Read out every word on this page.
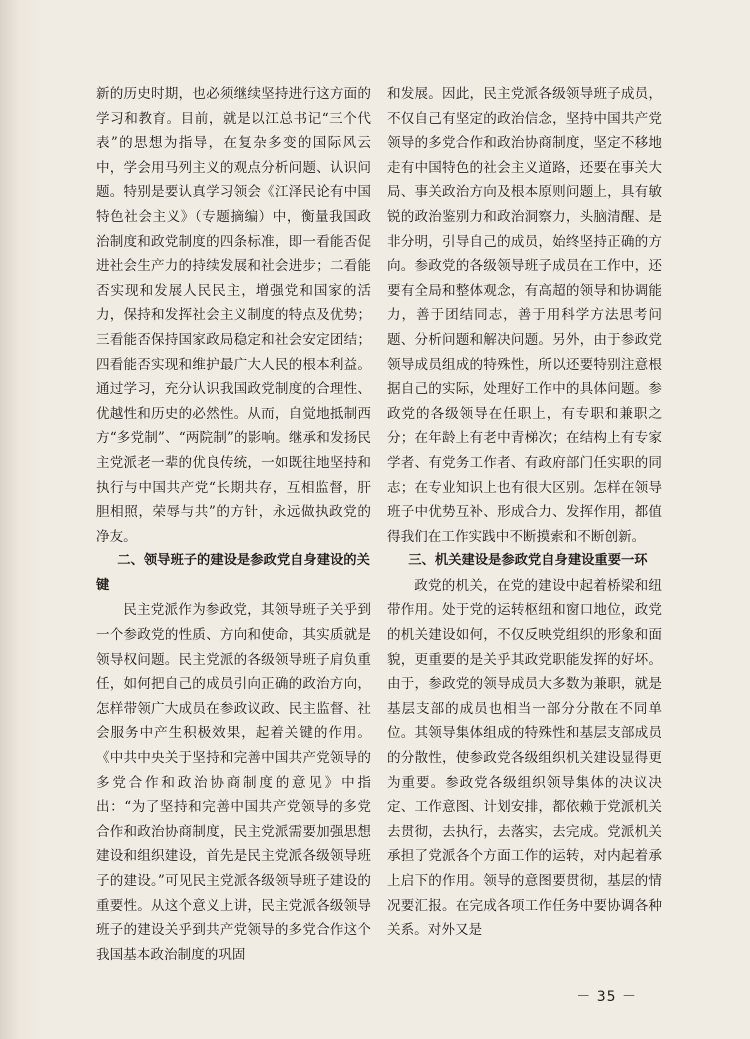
新的历史时期，也必须继续坚持进行这方面的学习和教育。目前，就是以江总书记“三个代表”的思想为指导，在复杂多变的国际风云中，学会用马列主义的观点分析问题、认识问题。特别是要认真学习领会《江泽民论有中国特色社会主义》（专题摘编）中，衡量我国政治制度和政党制度的四条标准，即一看能否促进社会生产力的持续发展和社会进步；二看能否实现和发展人民民主，增强党和国家的活力，保持和发挥社会主义制度的特点及优势；三看能否保持国家政局稳定和社会安定团结；四看能否实现和维护最广大人民的根本利益。通过学习，充分认识我国政党制度的合理性、优越性和历史的必然性。从而，自觉地抵制西方“多党制”、“两院制”的影响。继承和发扬民主党派老一辈的优良传统，一如既往地坚持和执行与中国共产党“长期共存，互相监督，肝胆相照，荣辱与共”的方针，永远做执政党的净友。

二、领导班子的建设是参政党自身建设的关键

民主党派作为参政党，其领导班子关乎到一个参政党的性质、方向和使命，其实质就是领导权问题。民主党派的各级领导班子肩负重任，如何把自己的成员引向正确的政治方向，怎样带领广大成员在参政议政、民主监督、社会服务中产生积极效果，起着关键的作用。《中共中央关于坚持和完善中国共产党领导的多党合作和政治协商制度的意见》中指出：“为了坚持和完善中国共产党领导的多党合作和政治协商制度，民主党派需要加强思想建设和组织建设，首先是民主党派各级领导班子的建设。”可见民主党派各级领导班子建设的重要性。从这个意义上讲，民主党派各级领导班子的建设关乎到共产党领导的多党合作这个我国基本政治制度的巩固

和发展。因此，民主党派各级领导班子成员，不仅自己有坚定的政治信念，坚持中国共产党领导的多党合作和政治协商制度，坚定不移地走有中国特色的社会主义道路，还要在事关大局、事关政治方向及根本原则问题上，具有敏锐的政治鉴别力和政治洞察力，头脑清醒、是非分明，引导自己的成员，始终坚持正确的方向。参政党的各级领导班子成员在工作中，还要有全局和整体观念，有高超的领导和协调能力，善于团结同志，善于用科学方法思考问题、分析问题和解决问题。另外，由于参政党领导成员组成的特殊性，所以还要特别注意根据自己的实际，处理好工作中的具体问题。参政党的各级领导在任职上，有专职和兼职之分；在年龄上有老中青梯次；在结构上有专家学者、有党务工作者、有政府部门任实职的同志；在专业知识上也有很大区别。怎样在领导班子中优势互补、形成合力、发挥作用，都值得我们在工作实践中不断摸索和不断创新。

三、机关建设是参政党自身建设重要一环

政党的机关，在党的建设中起着桥梁和纽带作用。处于党的运转枢纽和窗口地位，政党的机关建设如何，不仅反映党组织的形象和面貌，更重要的是关乎其政党职能发挥的好坏。由于，参政党的领导成员大多数为兼职，就是基层支部的成员也相当一部分分散在不同单位。其领导集体组成的特殊性和基层支部成员的分散性，使参政党各级组织机关建设显得更为重要。参政党各级组织领导集体的决议决定、工作意图、计划安排，都依赖于党派机关去贯彻，去执行，去落实，去完成。党派机关承担了党派各个方面工作的运转，对内起着承上启下的作用。领导的意图要贯彻，基层的情况要汇报。在完成各项工作任务中要协调各种关系。对外又是

－ 35 －
